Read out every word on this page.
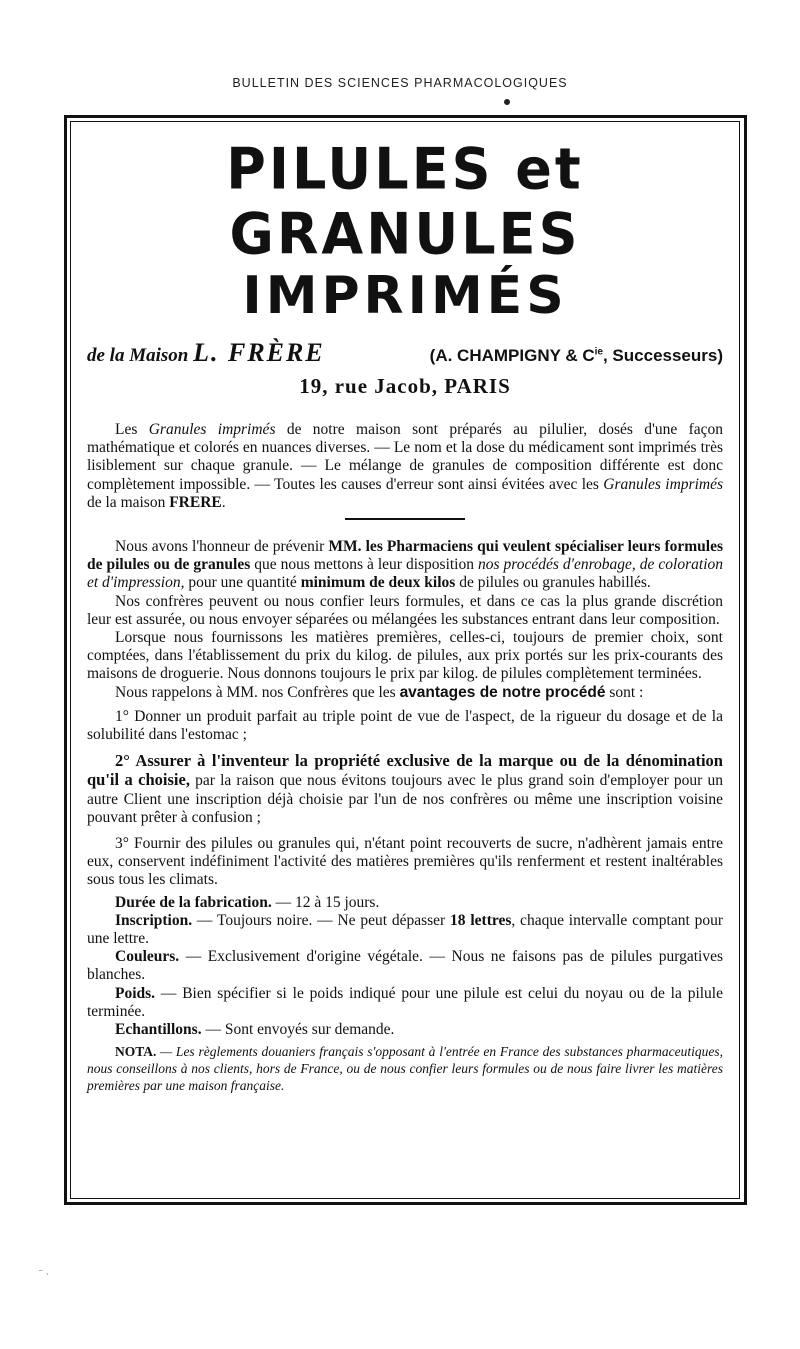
BULLETIN DES SCIENCES PHARMACOLOGIQUES
PILULES et GRANULES
IMPRIMÉS
de la Maison L. FRÈRE	(A. CHAMPIGNY & $C^{ie}$, Successeurs)
19, rue Jacob, PARIS

Les Granules imprimés de notre maison sont préparés au pilulier, dosés d'une façon mathématique et colorés en nuances diverses. — Le nom et la dose du médicament sont imprimés très lisiblement sur chaque granule. — Le mélange de granules de composition différente est donc complètement impossible. — Toutes les causes d'erreur sont ainsi évitées avec les Granules imprimés de la maison FRERE.

Nous avons l'honneur de prévenir MM. les Pharmaciens qui veulent spécialiser leurs formules de pilules ou de granules que nous mettons à leur disposition nos procédés d'enrobage, de coloration et d'impression, pour une quantité minimum de deux kilos de pilules ou granules habillés.

Nos confrères peuvent ou nous confier leurs formules, et dans ce cas la plus grande discrétion leur est assurée, ou nous envoyer séparées ou mélangées les substances entrant dans leur composition.

Lorsque nous fournissons les matières premières, celles-ci, toujours de premier choix, sont comptées, dans l'établissement du prix du kilog. de pilules, aux prix portés sur les prix-courants des maisons de droguerie. Nous donnons toujours le prix par kilog. de pilules complètement terminées.

Nous rappelons à MM. nos Confrères que les avantages de notre procédé sont :

1° Donner un produit parfait au triple point de vue de l'aspect, de la rigueur du dosage et de la solubilité dans l'estomac ;

2° Assurer à l'inventeur la propriété exclusive de la marque ou de la dénomination qu'il a choisie, par la raison que nous évitons toujours avec le plus grand soin d'employer pour un autre Client une inscription déjà choisie par l'un de nos confrères ou même une inscription voisine pouvant prêter à confusion ;

3° Fournir des pilules ou granules qui, n'étant point recouverts de sucre, n'adhèrent jamais entre eux, conservent indéfiniment l'activité des matières premières qu'ils renferment et restent inaltérables sous tous les climats.

Durée de la fabrication. — 12 à 15 jours.

Inscription. — Toujours noire. — Ne peut dépasser 18 lettres, chaque intervalle comptant pour une lettre.

Couleurs. — Exclusivement d'origine végétale. — Nous ne faisons pas de pilules purgatives blanches.

Poids. — Bien spécifier si le poids indiqué pour une pilule est celui du noyau ou de la pilule terminée.

Echantillons. — Sont envoyés sur demande.

NOTA. — Les règlements douaniers français s'opposant à l'entrée en France des substances pharmaceutiques, nous conseillons à nos clients, hors de France, ou de nous confier leurs formules ou de nous faire livrer les matières premières par une maison française.

⁻ ˴
